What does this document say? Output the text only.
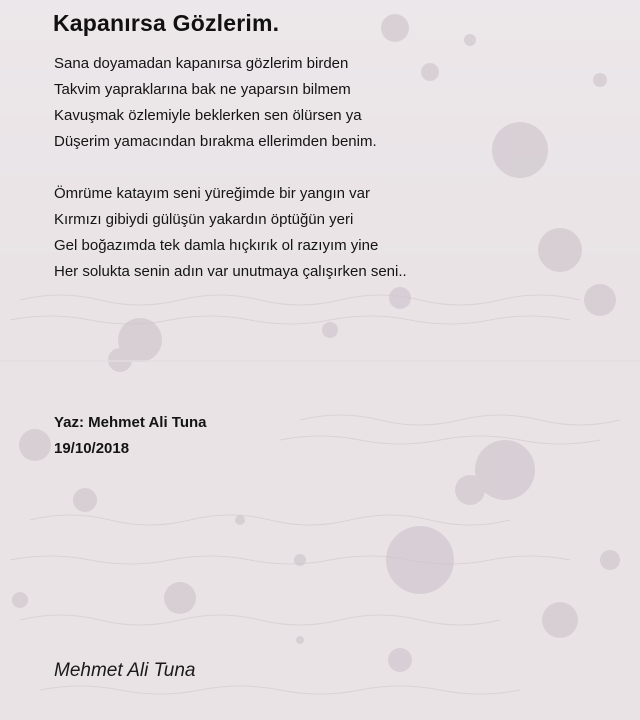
Kapanırsa Gözlerim.
Sana doyamadan kapanırsa gözlerim birden
Takvim yapraklarına bak ne yaparsın bilmem
Kavuşmak özlemiyle beklerken sen ölürsen ya
Düşerim yamacından bırakma ellerimden benim.
Ömrüme katayım seni yüreğimde bir yangın var
Kırmızı gibiydi gülüşün yakardın öptüğün yeri
Gel boğazımda tek damla hıçkırık ol razıyım yine
Her solukta senin adın var unutmaya çalışırken seni..

Yaz: Mehmet Ali Tuna

19/10/2018

Mehmet Ali Tuna
